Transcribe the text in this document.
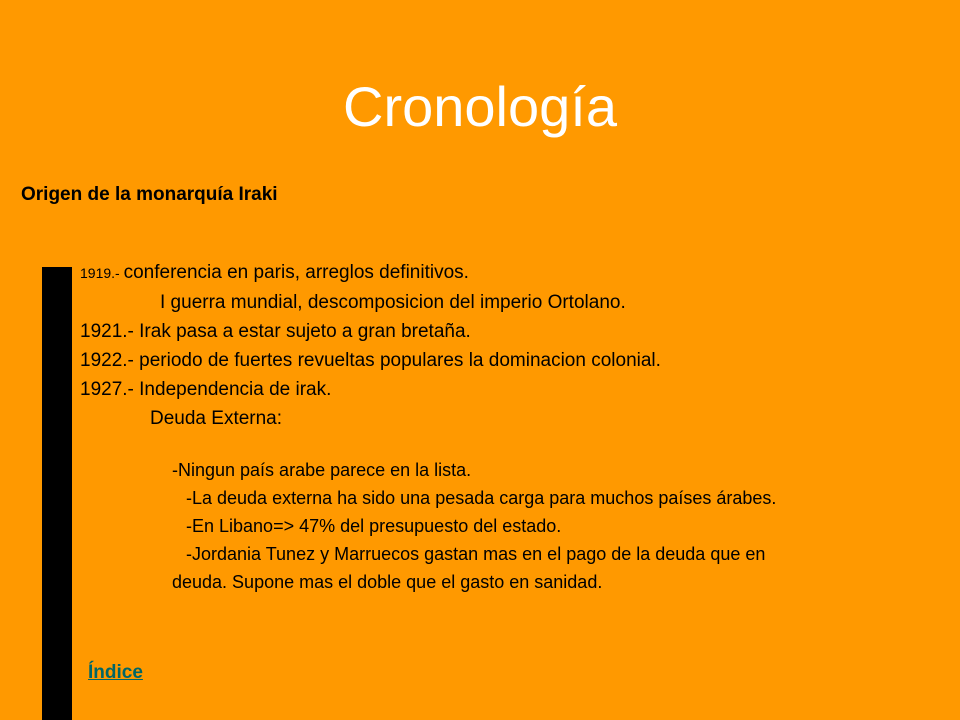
Cronología
Origen de la monarquía Iraki
1919.- conferencia en paris, arreglos definitivos.
I guerra mundial, descomposicion del imperio Ortolano.
1921.- Irak pasa a estar sujeto a gran bretaña.
1922.- periodo de fuertes revueltas populares la dominacion colonial.
1927.- Independencia de irak.
Deuda Externa:
-Ningun país arabe parece en la lista.
-La deuda externa ha sido una pesada carga para muchos países árabes.
-En Libano=> 47% del presupuesto del estado.
-Jordania Tunez y Marruecos gastan mas en el pago de la deuda que en
deuda. Supone mas el doble que el gasto en sanidad.
Índice
